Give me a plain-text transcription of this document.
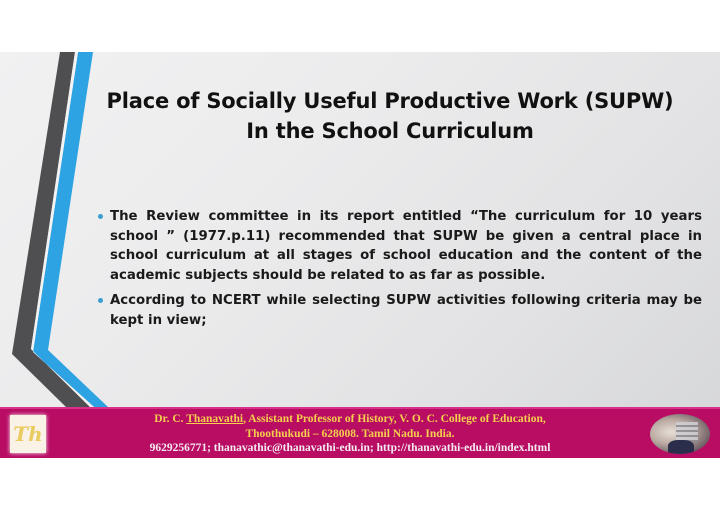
Place of Socially Useful Productive Work (SUPW)
In the School Curriculum
The Review committee in its report entitled “The curriculum for 10 years school ” (1977.p.11) recommended that SUPW be given a central place in school curriculum at all stages of school education and the content of the academic subjects should be related to as far as possible.
According to NCERT while selecting SUPW activities following criteria may be kept in view;
Th
Dr. C. Thanavathi, Assistant Professor of History, V. O. C. College of Education,
Thoothukudi – 628008. Tamil Nadu. India.
9629256771; thanavathic@thanavathi-edu.in; http://thanavathi-edu.in/index.html
